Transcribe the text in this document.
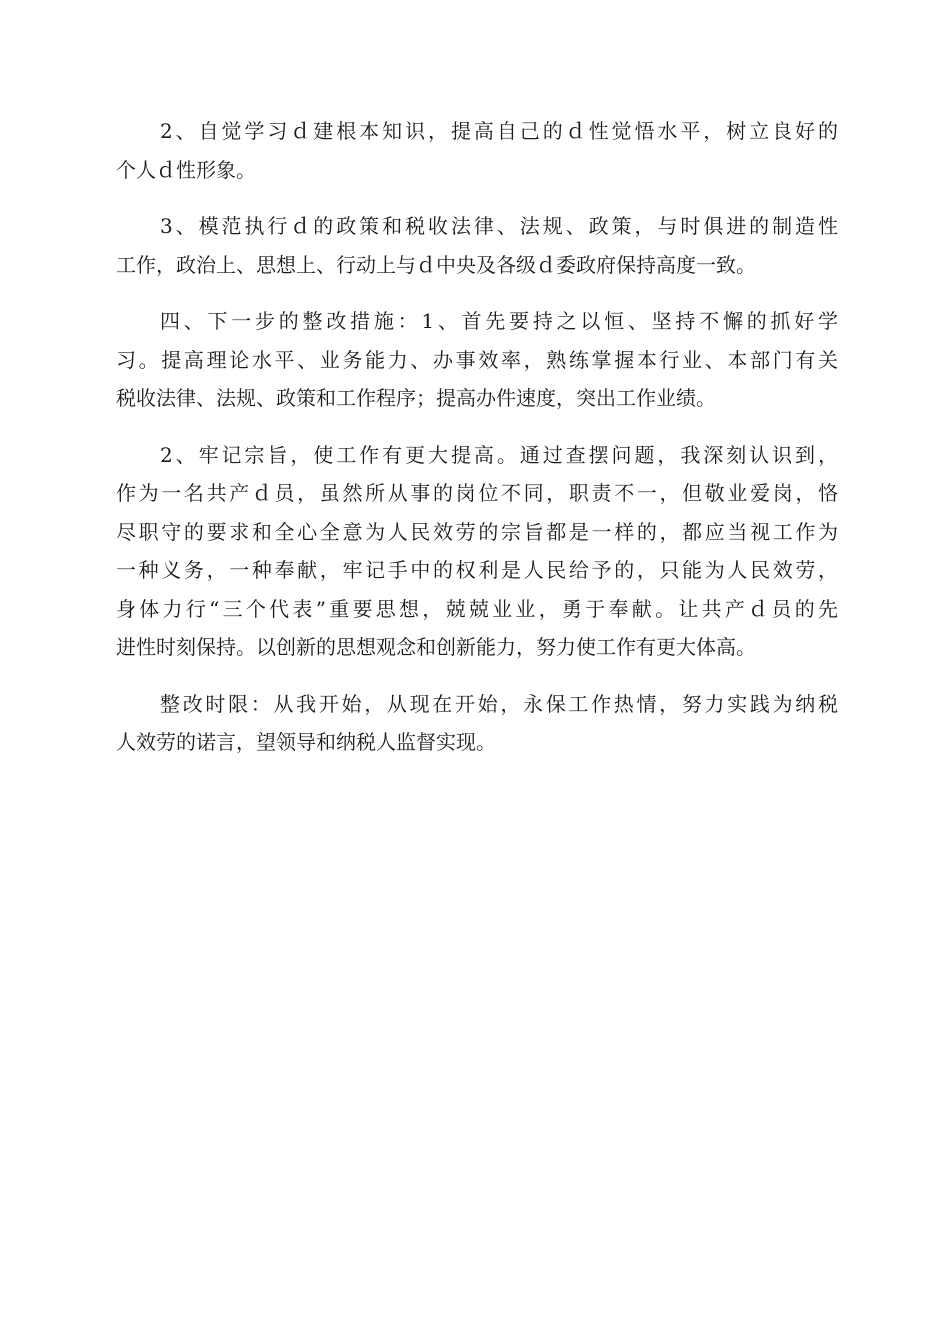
2、自觉学习ｄ建根本知识，提高自己的ｄ性觉悟水平，树立良好的
个人ｄ性形象。
3、模范执行ｄ的政策和税收法律、法规、政策，与时俱进的制造性
工作，政治上、思想上、行动上与ｄ中央及各级ｄ委政府保持高度一致。
四、下一步的整改措施：1、首先要持之以恒、坚持不懈的抓好学
习。提高理论水平、业务能力、办事效率，熟练掌握本行业、本部门有关
税收法律、法规、政策和工作程序；提高办件速度，突出工作业绩。
2、牢记宗旨，使工作有更大提高。通过查摆问题，我深刻认识到，
作为一名共产ｄ员，虽然所从事的岗位不同，职责不一，但敬业爱岗，恪
尽职守的要求和全心全意为人民效劳的宗旨都是一样的，都应当视工作为
一种义务，一种奉献，牢记手中的权利是人民给予的，只能为人民效劳，
身体力行“三个代表”重要思想，兢兢业业，勇于奉献。让共产ｄ员的先
进性时刻保持。以创新的思想观念和创新能力，努力使工作有更大体高。
整改时限：从我开始，从现在开始，永保工作热情，努力实践为纳税
人效劳的诺言，望领导和纳税人监督实现。
